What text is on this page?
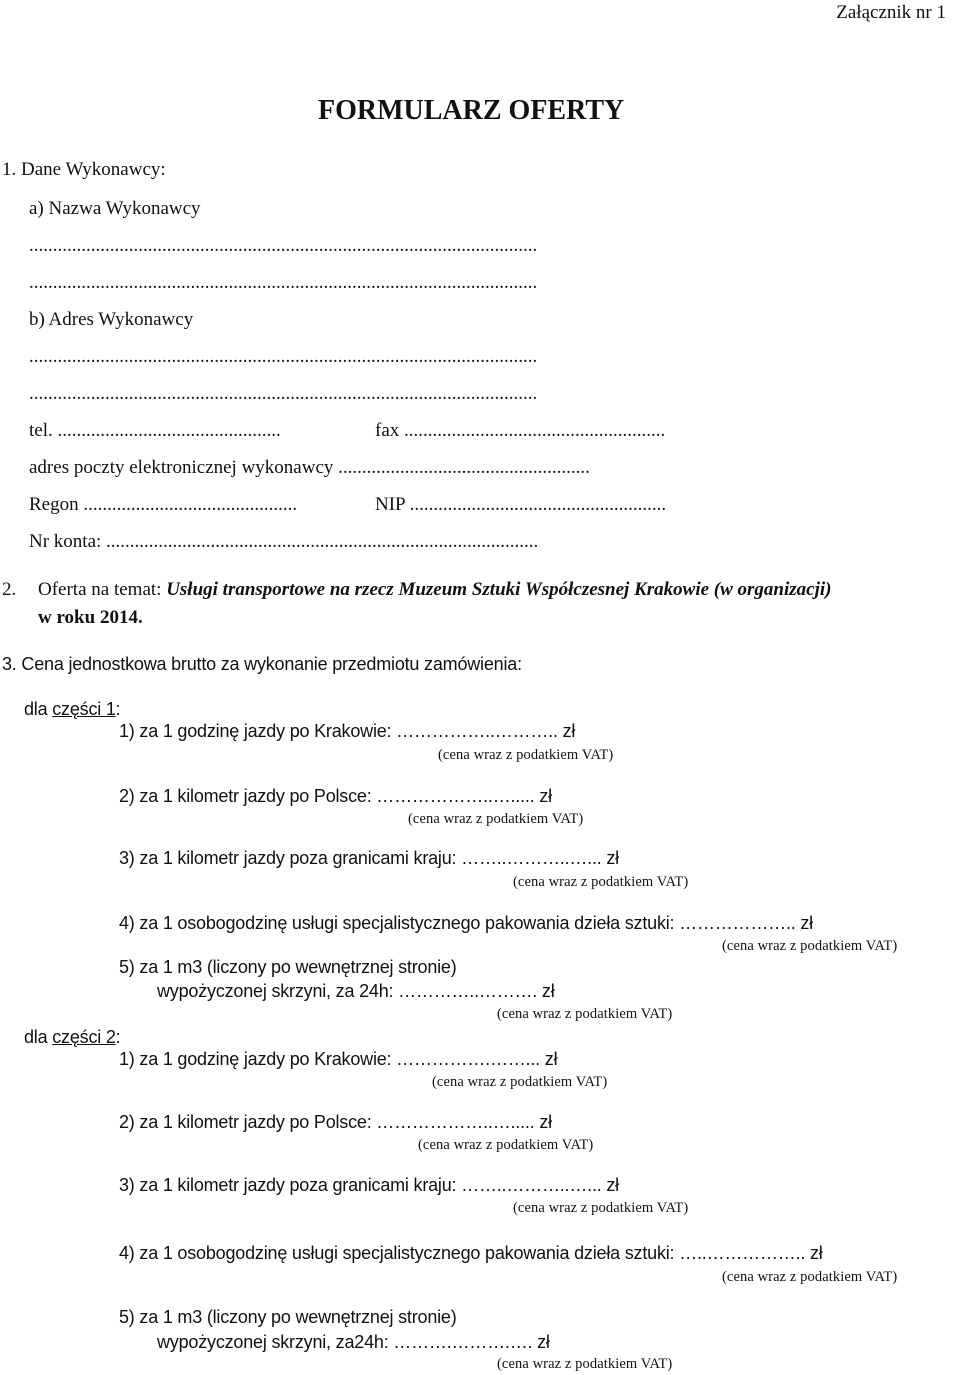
Załącznik nr 1
FORMULARZ OFERTY
1. Dane Wykonawcy:
a) Nazwa Wykonawcy
...........................................................................................................
...........................................................................................................
b) Adres Wykonawcy
...........................................................................................................
...........................................................................................................
tel. ...............................................	fax .......................................................
adres poczty elektronicznej wykonawcy .....................................................
Regon .............................................	NIP ......................................................
Nr konta: ...........................................................................................
2. Oferta na temat: Usługi transportowe na rzecz Muzeum Sztuki Współczesnej Krakowie (w organizacji)
w roku 2014.
3. Cena jednostkowa brutto za wykonanie przedmiotu zamówienia:
dla części 1:
1) za 1 godzinę jazdy po Krakowie: ……………..……….. zł
(cena wraz z podatkiem VAT)
2) za 1 kilometr jazdy po Polsce: ………………..…..... zł
(cena wraz z podatkiem VAT)
3) za 1 kilometr jazdy poza granicami kraju: ……..………..…... zł
(cena wraz z podatkiem VAT)
4) za 1 osobogodzinę usługi specjalistycznego pakowania dzieła sztuki: ……………….. zł
(cena wraz z podatkiem VAT)
5) za 1 m3 (liczony po wewnętrznej stronie)
wypożyczonej skrzyni, za 24h: …………..………. zł
(cena wraz z podatkiem VAT)
dla części 2:
1) za 1 godzinę jazdy po Krakowie: …………….……... zł
(cena wraz z podatkiem VAT)
2) za 1 kilometr jazdy po Polsce: ………………..…..... zł
(cena wraz z podatkiem VAT)
3) za 1 kilometr jazdy poza granicami kraju: ……..………..…... zł
(cena wraz z podatkiem VAT)
4) za 1 osobogodzinę usługi specjalistycznego pakowania dzieła sztuki: …..…………….. zł
(cena wraz z podatkiem VAT)
5) za 1 m3 (liczony po wewnętrznej stronie)
wypożyczonej skrzyni, za24h: ……….……….…. zł
(cena wraz z podatkiem VAT)
